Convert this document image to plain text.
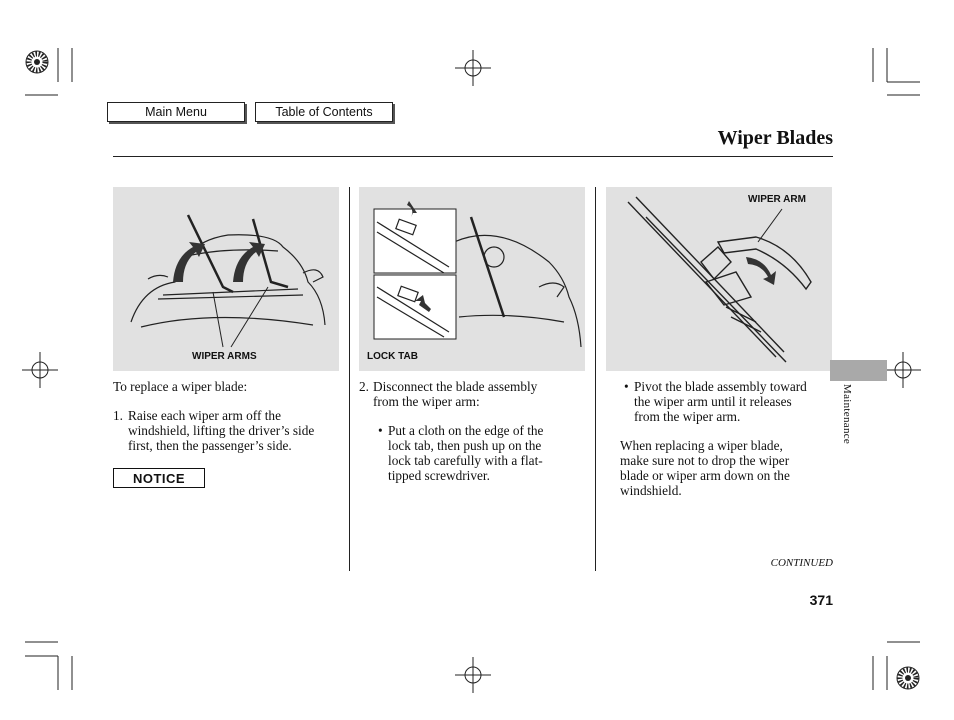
Main Menu	Table of Contents
Wiper Blades
WIPER ARMS	LOCK TAB
WIPER ARM
To replace a wiper blade:
1. Raise each wiper arm off the
windshield, lifting the driver’s side
first, then the passenger’s side.
NOTICE
2. Disconnect the blade assembly
from the wiper arm:
• Put a cloth on the edge of the
lock tab, then push up on the
lock tab carefully with a flat-
tipped screwdriver.
• Pivot the blade assembly toward
the wiper arm until it releases
from the wiper arm.
When replacing a wiper blade,
make sure not to drop the wiper
blade or wiper arm down on the
windshield.
Maintenance
CONTINUED
371
